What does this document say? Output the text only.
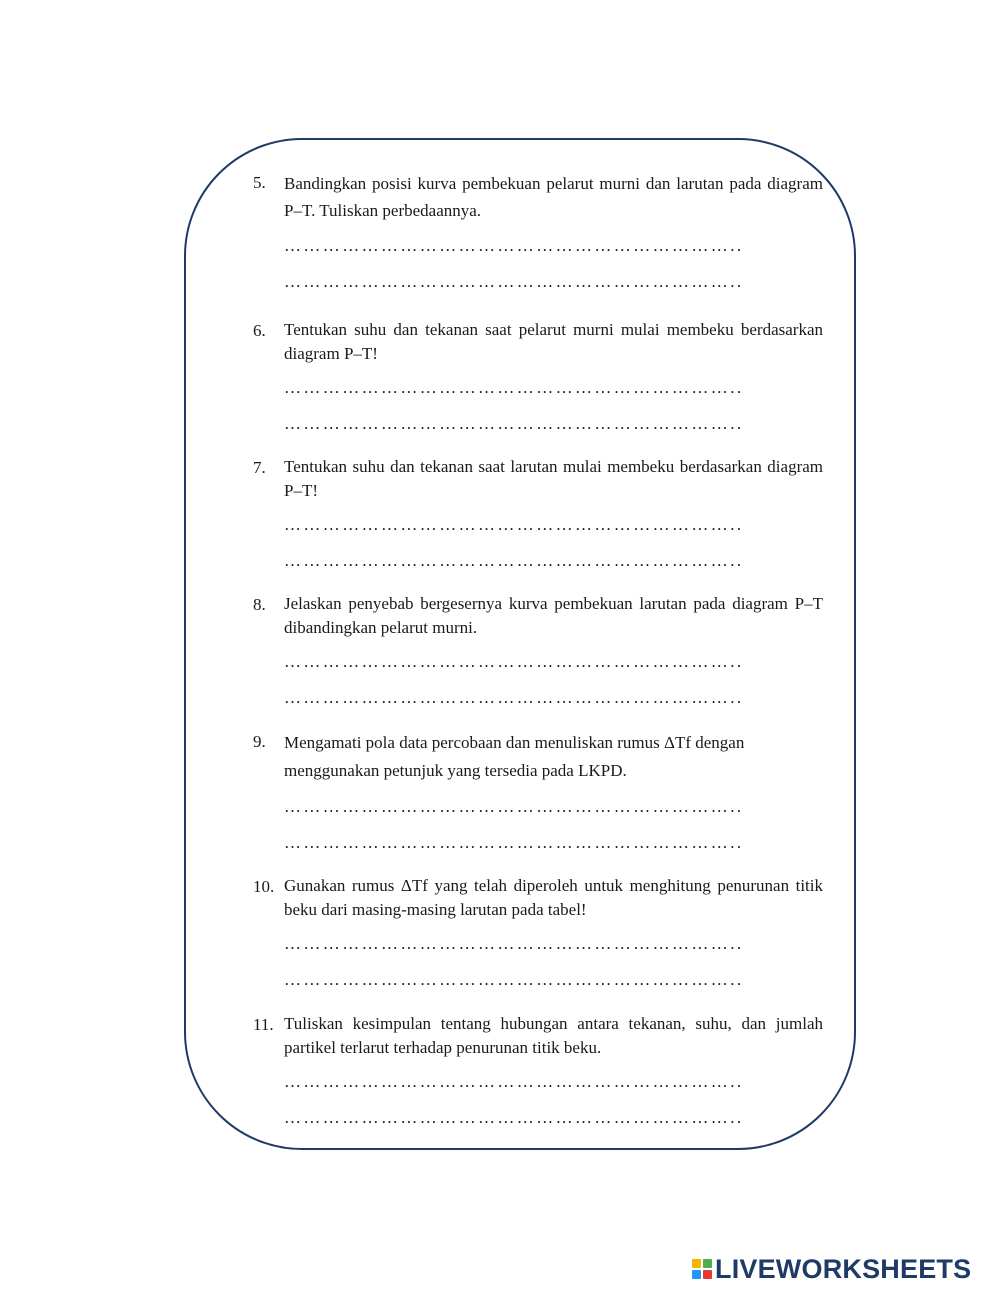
5. Bandingkan posisi kurva pembekuan pelarut murni dan larutan pada diagram P–T. Tuliskan perbedaannya.
……………………………………………………………..
……………………………………………………………..
6. Tentukan suhu dan tekanan saat pelarut murni mulai membeku berdasarkan diagram P–T!
……………………………………………………………..
……………………………………………………………..
7. Tentukan suhu dan tekanan saat larutan mulai membeku berdasarkan diagram P–T!
……………………………………………………………..
……………………………………………………………..
8. Jelaskan penyebab bergesernya kurva pembekuan larutan pada diagram P–T dibandingkan pelarut murni.
……………………………………………………………..
……………………………………………………………..
9. Mengamati pola data percobaan dan menuliskan rumus ΔTf dengan menggunakan petunjuk yang tersedia pada LKPD.
……………………………………………………………..
……………………………………………………………..
10. Gunakan rumus ΔTf yang telah diperoleh untuk menghitung penurunan titik beku dari masing-masing larutan pada tabel!
……………………………………………………………..
……………………………………………………………..
11. Tuliskan kesimpulan tentang hubungan antara tekanan, suhu, dan jumlah partikel terlarut terhadap penurunan titik beku.
……………………………………………………………..
……………………………………………………………..
LIVEWORKSHEETS
